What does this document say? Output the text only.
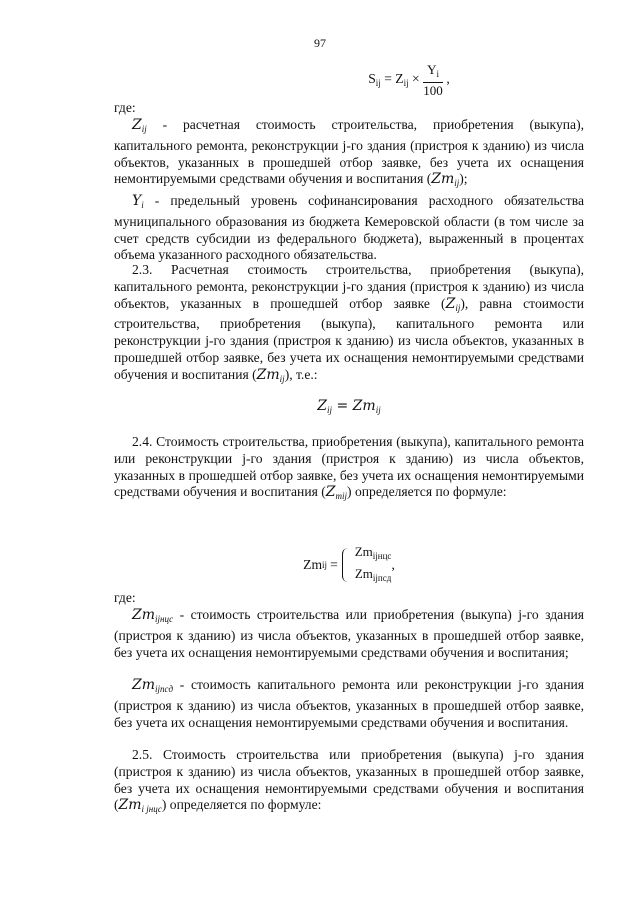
97
$S_{ij} = Z_{ij} \times \frac{Y_i}{100}$ ,

где:

$Z_{ij}$ - расчетная стоимость строительства, приобретения (выкупа), капитального ремонта, реконструкции j-го здания (пристроя к зданию) из числа объектов, указанных в прошедшей отбор заявке, без учета их оснащения немонтируемыми средствами обучения и воспитания $(Zm_{ij})$;

$Y_i$ - предельный уровень софинансирования расходного обязательства муниципального образования из бюджета Кемеровской области (в том числе за счет средств субсидии из федерального бюджета), выраженный в процентах объема указанного расходного обязательства.

2.3. Расчетная стоимость строительства, приобретения (выкупа), капитального ремонта, реконструкции j-го здания (пристроя к зданию) из числа объектов, указанных в прошедшей отбор заявке $(Z_{ij})$, равна стоимости строительства, приобретения (выкупа), капитального ремонта или реконструкции j-го здания (пристроя к зданию) из числа объектов, указанных в прошедшей отбор заявке, без учета их оснащения немонтируемыми средствами обучения и воспитания $(Zm_{ij})$, т.е.:

$Z_{ij} = Zm_{ij}$

2.4. Стоимость строительства, приобретения (выкупа), капитального ремонта или реконструкции j-го здания (пристроя к зданию) из числа объектов, указанных в прошедшей отбор заявке, без учета их оснащения немонтируемыми средствами обучения и воспитания $(Z_{mij})$ определяется по формуле:

Zm ij =
$Zm_{ijнцс}$
$Zm_{ijпсд}$
,

где:

$Zm_{ijнцс}$ - стоимость строительства или приобретения (выкупа) j-го здания (пристроя к зданию) из числа объектов, указанных в прошедшей отбор заявке, без учета их оснащения немонтируемыми средствами обучения и воспитания;

$Zm_{ijпсд}$ - стоимость капитального ремонта или реконструкции j-го здания (пристроя к зданию) из числа объектов, указанных в прошедшей отбор заявке, без учета их оснащения немонтируемыми средствами обучения и воспитания.

2.5. Стоимость строительства или приобретения (выкупа) j-го здания (пристроя к зданию) из числа объектов, указанных в прошедшей отбор заявке, без учета их оснащения немонтируемыми средствами обучения и воспитания $(Zm_{i jнцс})$ определяется по формуле:
